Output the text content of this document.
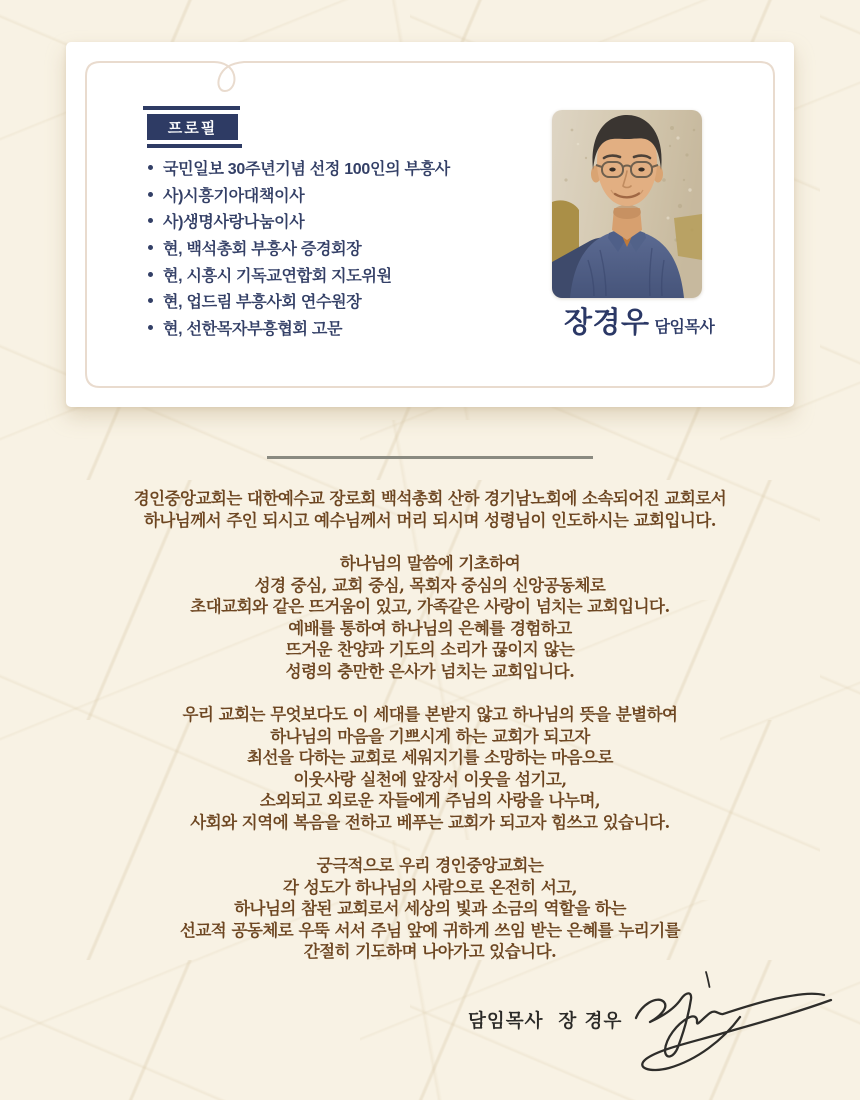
프로필
국민일보 30주년기념 선정 100인의 부흥사
사)시흥기아대책이사
사)생명사랑나눔이사
현, 백석총회 부흥사 증경회장
현, 시흥시 기독교연합회 지도위원
현, 업드림 부흥사회 연수원장
현, 선한목자부흥협회 고문	장경우 담임목사

경인중앙교회는 대한예수교 장로회 백석총회 산하 경기남노회에 소속되어진 교회로서
하나님께서 주인 되시고 예수님께서 머리 되시며 성령님이 인도하시는 교회입니다.

하나님의 말씀에 기초하여
성경 중심, 교회 중심, 목회자 중심의 신앙공동체로
초대교회와 같은 뜨거움이 있고, 가족같은 사랑이 넘치는 교회입니다.
예배를 통하여 하나님의 은혜를 경험하고
뜨거운 찬양과 기도의 소리가 끊이지 않는
성령의 충만한 은사가 넘치는 교회입니다.

우리 교회는 무엇보다도 이 세대를 본받지 않고 하나님의 뜻을 분별하여
하나님의 마음을 기쁘시게 하는 교회가 되고자
최선을 다하는 교회로 세워지기를 소망하는 마음으로
이웃사랑 실천에 앞장서 이웃을 섬기고,
소외되고 외로운 자들에게 주님의 사랑을 나누며,
사회와 지역에 복음을 전하고 베푸는 교회가 되고자 힘쓰고 있습니다.

궁극적으로 우리 경인중앙교회는
각 성도가 하나님의 사람으로 온전히 서고,
하나님의 참된 교회로서 세상의 빛과 소금의 역할을 하는
선교적 공동체로 우뚝 서서 주님 앞에 귀하게 쓰임 받는 은혜를 누리기를
간절히 기도하며 나아가고 있습니다.

담임목사  장 경우
